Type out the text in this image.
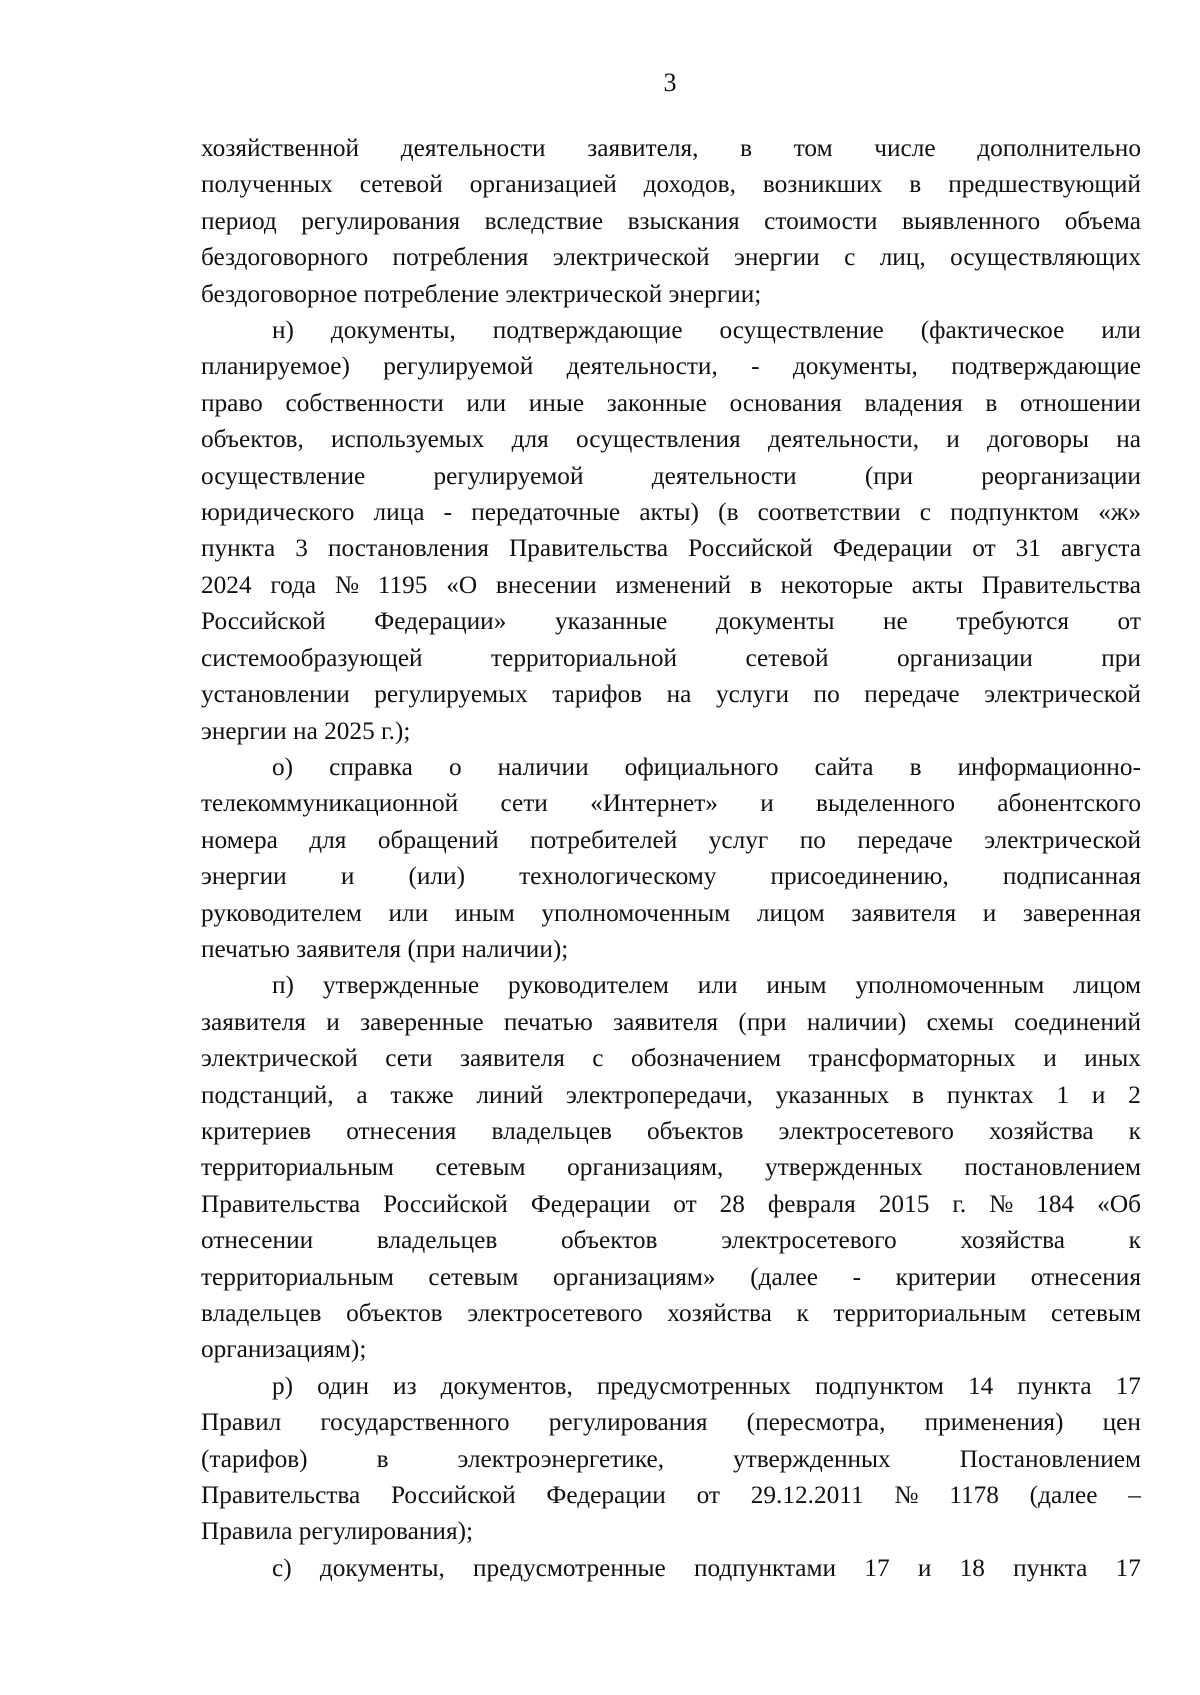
3
хозяйственной деятельности заявителя, в том числе дополнительно
полученных сетевой организацией доходов, возникших в предшествующий
период регулирования вследствие взыскания стоимости выявленного объема
бездоговорного потребления электрической энергии с лиц, осуществляющих
бездоговорное потребление электрической энергии;
н) документы, подтверждающие осуществление (фактическое или
планируемое) регулируемой деятельности, - документы, подтверждающие
право собственности или иные законные основания владения в отношении
объектов, используемых для осуществления деятельности, и договоры на
осуществление	регулируемой	деятельности	(при	реорганизации
юридического лица - передаточные акты) (в соответствии с подпунктом «ж»
пункта 3 постановления Правительства Российской Федерации от 31 августа
2024 года № 1195 «О внесении изменений в некоторые акты Правительства
Российской Федерации» указанные документы не требуются от
системообразующей	территориальной	сетевой	организации	при
установлении регулируемых тарифов на услуги по передаче электрической
энергии на 2025 г.);
о) справка о наличии официального сайта в информационно-
телекоммуникационной сети «Интернет» и выделенного абонентского
номера для обращений потребителей услуг по передаче электрической
энергии и (или) технологическому присоединению, подписанная
руководителем или иным уполномоченным лицом заявителя и заверенная
печатью заявителя (при наличии);
п) утвержденные руководителем или иным уполномоченным лицом
заявителя и заверенные печатью заявителя (при наличии) схемы соединений
электрической сети заявителя с обозначением трансформаторных и иных
подстанций, а также линий электропередачи, указанных в пунктах 1 и 2
критериев отнесения владельцев объектов электросетевого хозяйства к
территориальным сетевым организациям, утвержденных постановлением
Правительства Российской Федерации от 28 февраля 2015 г. № 184 «Об
отнесении	владельцев	объектов	электросетевого	хозяйства	к
территориальным сетевым организациям» (далее - критерии отнесения
владельцев объектов электросетевого хозяйства к территориальным сетевым
организациям);
р) один из документов, предусмотренных подпунктом 14 пункта 17
Правил государственного регулирования (пересмотра, применения) цен
(тарифов)	в	электроэнергетике,	утвержденных	Постановлением
Правительства Российской Федерации от 29.12.2011 № 1178 (далее –
Правила регулирования);
с) документы, предусмотренные подпунктами 17 и 18 пункта 17
